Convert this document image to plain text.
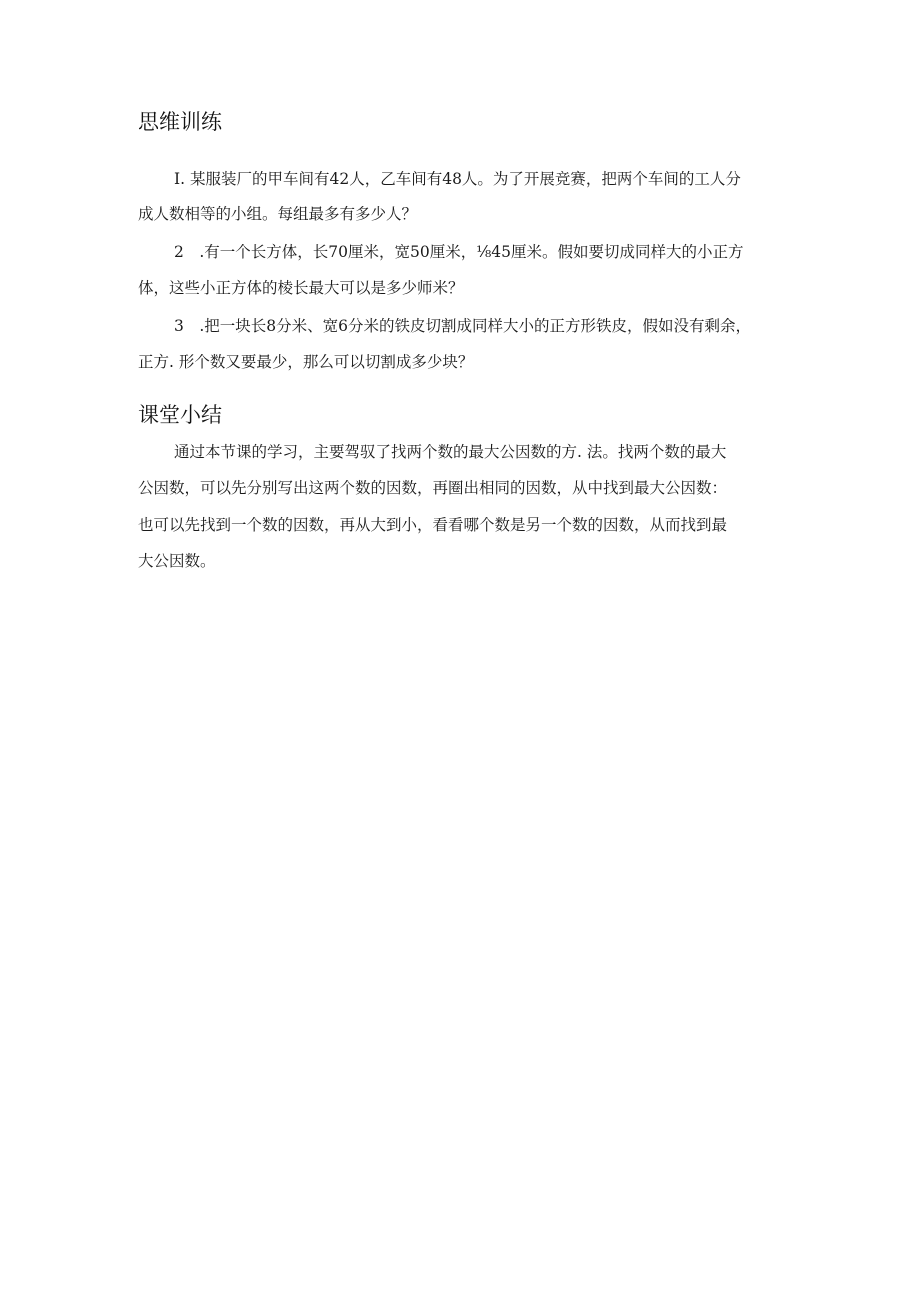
思维训练

I. 某服装厂的甲车间有42人，乙车间有48人。为了开展竞赛，把两个车间的工人分

成人数相等的小组。每组最多有多少人？

2　.有一个长方体，长70厘米，宽50厘米，⅛45厘米。假如要切成同样大的小正方

体，这些小正方体的棱长最大可以是多少师米？

3　.把一块长8分米、宽6分米的铁皮切割成同样大小的正方形铁皮，假如没有剩余，

正方. 形个数又要最少，那么可以切割成多少块？

课堂小结

通过本节课的学习，主要驾驭了找两个数的最大公因数的方. 法。找两个数的最大

公因数，可以先分别写出这两个数的因数，再圈出相同的因数，从中找到最大公因数：

也可以先找到一个数的因数，再从大到小，看看哪个数是另一个数的因数，从而找到最

大公因数。
